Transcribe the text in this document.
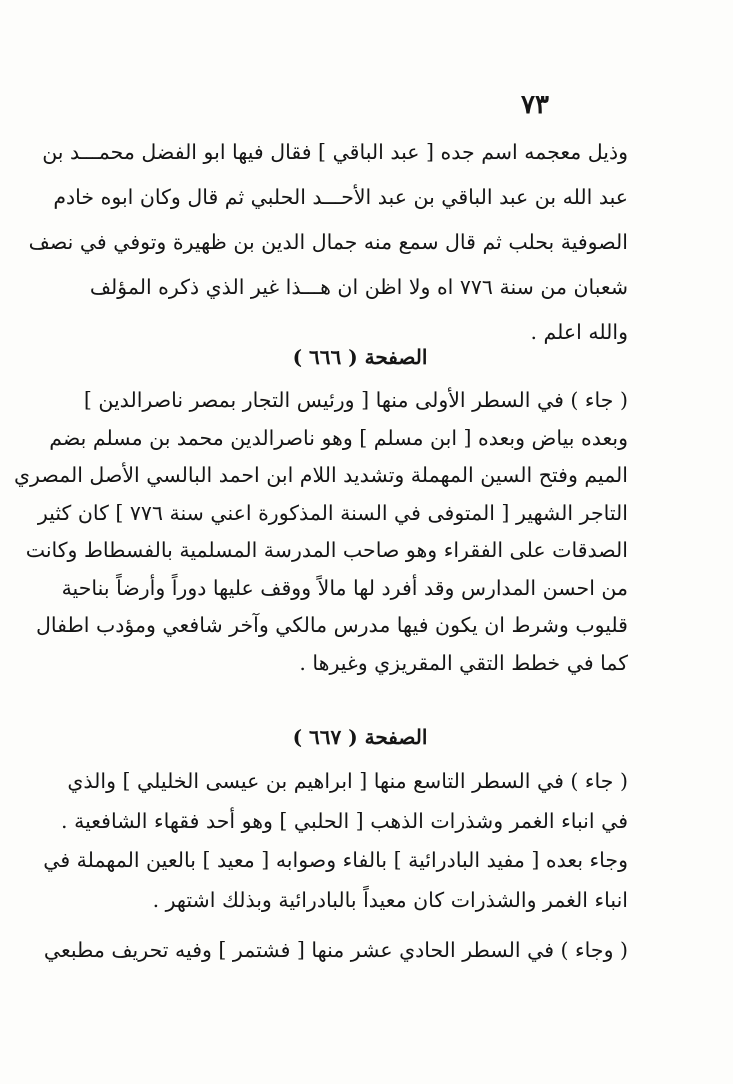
٧٣
وذيل معجمه اسم جده [ عبد الباقي ] فقال فيها ابو الفضل محمـــد بن
عبد الله بن عبد الباقي بن عبد الأحـــد الحلبي ثم قال وكان ابوه خادم
الصوفية بحلب ثم قال سمع منه جمال الدين بن ظهيرة وتوفي في نصف
شعبان من سنة ٧٧٦ اه ولا اظن ان هـــذا غير الذي ذكره المؤلف
والله اعلم .
الصفحة ( ٦٦٦ )
( جاء ) في السطر الأولى منها [ ورئيس التجار بمصر ناصرالدين ]
وبعده بياض وبعده [ ابن مسلم ] وهو ناصرالدين محمد بن مسلم بضم
الميم وفتح السين المهملة وتشديد اللام ابن احمد البالسي الأصل المصري
التاجر الشهير [ المتوفى في السنة المذكورة اعني سنة ٧٧٦ ] كان كثير
الصدقات على الفقراء وهو صاحب المدرسة المسلمية بالفسطاط وكانت
من احسن المدارس وقد أفرد لها مالاً ووقف عليها دوراً وأرضاً بناحية
قليوب وشرط ان يكون فيها مدرس مالكي وآخر شافعي ومؤدب اطفال
كما في خطط التقي المقريزي وغيرها .
الصفحة ( ٦٦٧ )
( جاء ) في السطر التاسع منها [ ابراهيم بن عيسى الخليلي ] والذي
في انباء الغمر وشذرات الذهب [ الحلبي ] وهو أحد فقهاء الشافعية .
وجاء بعده [ مفيد البادرائية ] بالفاء وصوابه [ معيد ] بالعين المهملة في
انباء الغمر والشذرات كان معيداً بالبادرائية وبذلك اشتهر .
( وجاء ) في السطر الحادي عشر منها [ فشتمر ] وفيه تحريف مطبعي
